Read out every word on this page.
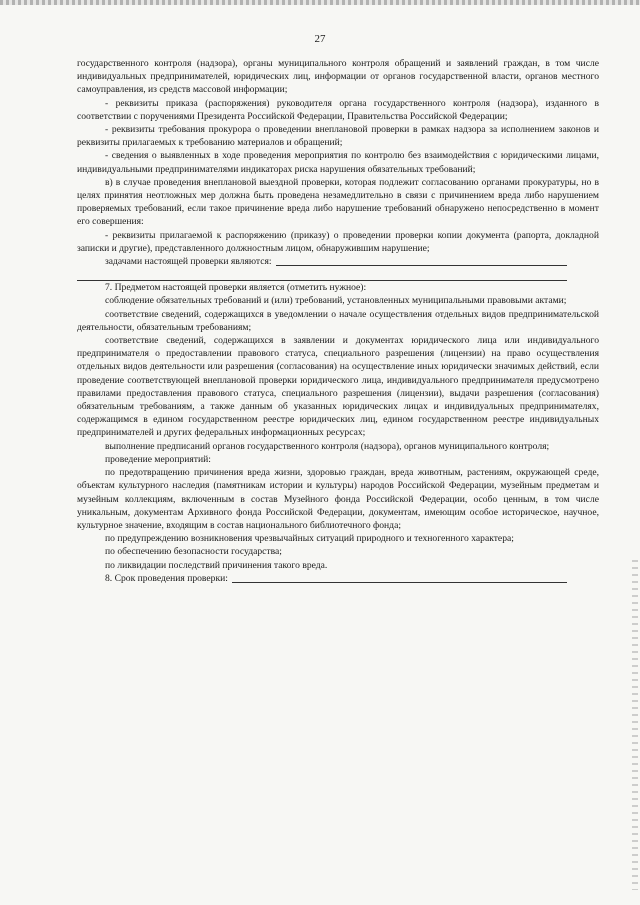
27

государственного контроля (надзора), органы муниципального контроля обращений и заявлений граждан, в том числе индивидуальных предпринимателей, юридических лиц, информации от органов государственной власти, органов местного самоуправления, из средств массовой информации;

- реквизиты приказа (распоряжения) руководителя органа государственного контроля (надзора), изданного в соответствии с поручениями Президента Российской Федерации, Правительства Российской Федерации;

- реквизиты требования прокурора о проведении внеплановой проверки в рамках надзора за исполнением законов и реквизиты прилагаемых к требованию материалов и обращений;

- сведения о выявленных в ходе проведения мероприятия по контролю без взаимодействия с юридическими лицами, индивидуальными предпринимателями индикаторах риска нарушения обязательных требований;

в) в случае проведения внеплановой выездной проверки, которая подлежит согласованию органами прокуратуры, но в целях принятия неотложных мер должна быть проведена незамедлительно в связи с причинением вреда либо нарушением проверяемых требований, если такое причинение вреда либо нарушение требований обнаружено непосредственно в момент его совершения:

- реквизиты прилагаемой к распоряжению (приказу) о проведении проверки копии документа (рапорта, докладной записки и другие), представленного должностным лицом, обнаружившим нарушение;

задачами настоящей проверки являются:

7. Предметом настоящей проверки является (отметить нужное):

соблюдение обязательных требований и (или) требований, установленных муниципальными правовыми актами;

соответствие сведений, содержащихся в уведомлении о начале осуществления отдельных видов предпринимательской деятельности, обязательным требованиям;

соответствие сведений, содержащихся в заявлении и документах юридического лица или индивидуального предпринимателя о предоставлении правового статуса, специального разрешения (лицензии) на право осуществления отдельных видов деятельности или разрешения (согласования) на осуществление иных юридически значимых действий, если проведение соответствующей внеплановой проверки юридического лица, индивидуального предпринимателя предусмотрено правилами предоставления правового статуса, специального разрешения (лицензии), выдачи разрешения (согласования) обязательным требованиям, а также данным об указанных юридических лицах и индивидуальных предпринимателях, содержащимся в едином государственном реестре юридических лиц, едином государственном реестре индивидуальных предпринимателей и других федеральных информационных ресурсах;

выполнение предписаний органов государственного контроля (надзора), органов муниципального контроля;

проведение мероприятий:

по предотвращению причинения вреда жизни, здоровью граждан, вреда животным, растениям, окружающей среде, объектам культурного наследия (памятникам истории и культуры) народов Российской Федерации, музейным предметам и музейным коллекциям, включенным в состав Музейного фонда Российской Федерации, особо ценным, в том числе уникальным, документам Архивного фонда Российской Федерации, документам, имеющим особое историческое, научное, культурное значение, входящим в состав национального библиотечного фонда;

по предупреждению возникновения чрезвычайных ситуаций природного и техногенного характера;

по обеспечению безопасности государства;

по ликвидации последствий причинения такого вреда.

8. Срок проведения проверки:
